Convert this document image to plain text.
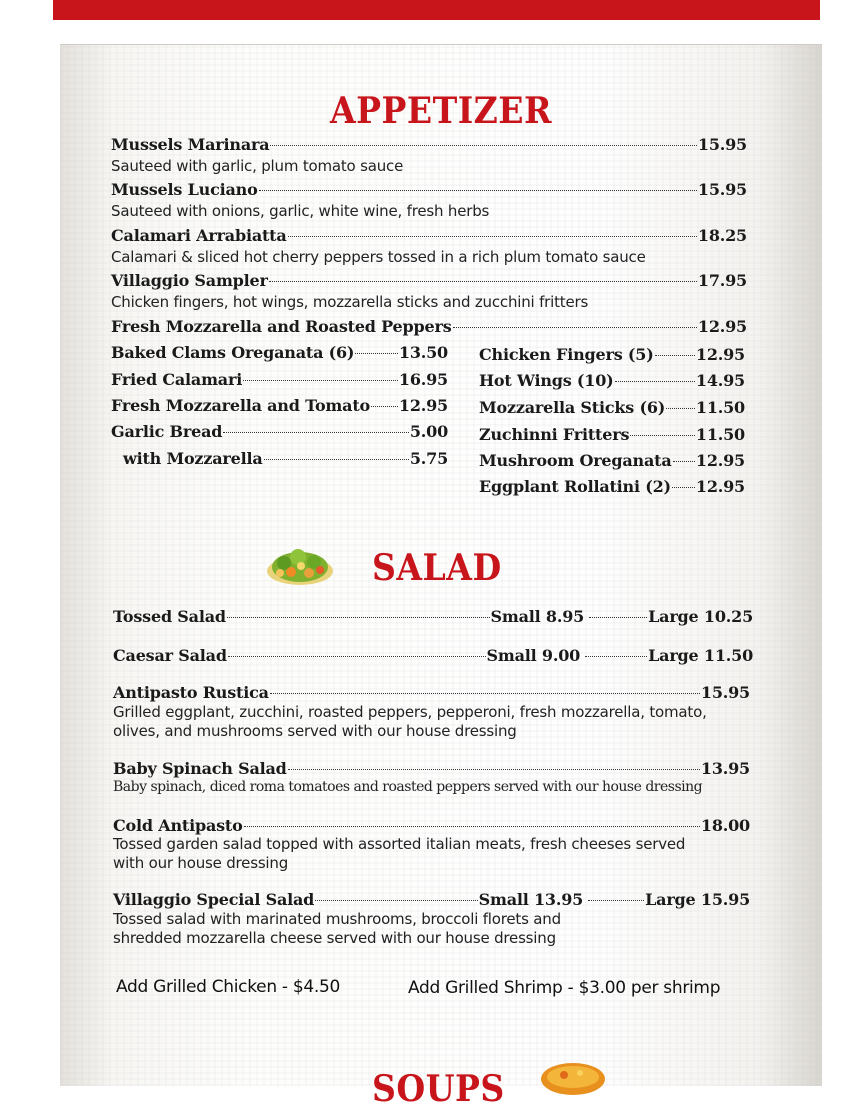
APPETIZER
Mussels Marinara	15.95
Sauteed with garlic, plum tomato sauce
Mussels Luciano	15.95
Sauteed with onions, garlic, white wine, fresh herbs
Calamari Arrabiatta	18.25
Calamari & sliced hot cherry peppers tossed in a rich plum tomato sauce
Villaggio Sampler	17.95
Chicken fingers, hot wings, mozzarella sticks and zucchini fritters
Fresh Mozzarella and Roasted Peppers	12.95
Baked Clams Oreganata (6)	13.50
Fried Calamari	16.95
Fresh Mozzarella and Tomato 12.95
Garlic Bread	5.00
with Mozzarella	5.75
Chicken Fingers (5)	12.95
Hot Wings (10)	14.95
Mozzarella Sticks (6) 11.50
Zuchinni Fritters	11.50
Mushroom Oreganata 12.95
Eggplant Rollatini (2) 12.95
SALAD
Tossed Salad	Small 8.95	Large 10.25
Caesar Salad	Small 9.00	Large 11.50
Antipasto Rustica	15.95
Grilled eggplant, zucchini, roasted peppers, pepperoni, fresh mozzarella, tomato, olives, and mushrooms served with our house dressing
Baby Spinach Salad	13.95
Baby spinach, diced roma tomatoes and roasted peppers served with our house dressing
Cold Antipasto	18.00
Tossed garden salad topped with assorted italian meats, fresh cheeses served with our house dressing
Villaggio Special Salad	Small 13.95	Large 15.95
Tossed salad with marinated mushrooms, broccoli florets and shredded mozzarella cheese served with our house dressing
Add Grilled Chicken - $4.50	Add Grilled Shrimp - $3.00 per shrimp
SOUPS
